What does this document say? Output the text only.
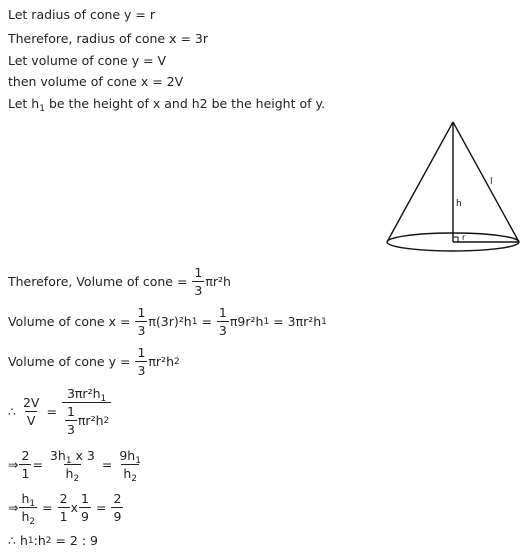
Let radius of cone y = r
Therefore, radius of cone x = 3r
Let volume of cone y = V
then volume of cone x = 2V
Let $h_1$ be the height of x and h2 be the height of y.
h
l
r
Therefore, Volume of cone = $\frac{1}{3} \pi r^2h$
Volume of cone $x = \frac{1}{3} \pi(3r)^2h$ $1 = \frac{1}{3} \pi 9r^2h$ 1 = 3πr²h 1
Volume of cone $y = \frac{1}{3} \pi r^2h$ 2
∴ $\frac{2V}{V} = \frac{3\pi r^2h_1}{\frac{1}{3} \pi r^2h 2}$
⇒ $\frac{2}{1} = \frac{3h_1 x 3}{h_2} = \frac{9h_1}{h_2}$
⇒ $\frac{h_1}{h_2} = \frac{2}{1}$ x $\frac{1}{9} = \frac{2}{9}$
∴ h 1 :h 2 = 2 : 9
